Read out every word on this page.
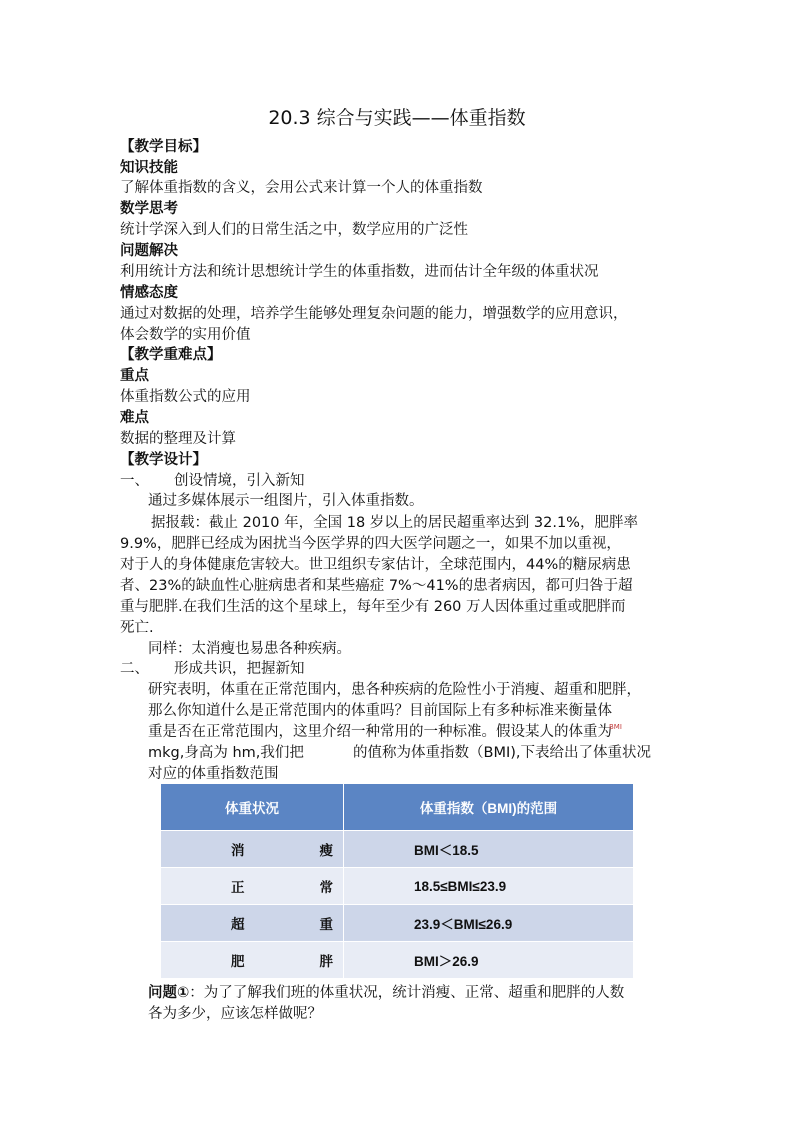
20.3 综合与实践——体重指数
【教学目标】
知识技能
了解体重指数的含义，会用公式来计算一个人的体重指数
数学思考
统计学深入到人们的日常生活之中，数学应用的广泛性
问题解决
利用统计方法和统计思想统计学生的体重指数，进而估计全年级的体重状况
情感态度
通过对数据的处理，培养学生能够处理复杂问题的能力，增强数学的应用意识，
体会数学的实用价值
【教学重难点】
重点
体重指数公式的应用
难点
数据的整理及计算
【教学设计】
一、 创设情境，引入新知
通过多媒体展示一组图片，引入体重指数。
据报载：截止 2010 年，全国 18 岁以上的居民超重率达到 32.1%，肥胖率
9.9%，肥胖已经成为困扰当今医学界的四大医学问题之一，如果不加以重视，
对于人的身体健康危害较大。世卫组织专家估计，全球范围内，44%的糖尿病患
者、23%的缺血性心脏病患者和某些癌症 7%～41%的患者病因，都可归咎于超
重与肥胖.在我们生活的这个星球上，每年至少有 260 万人因体重过重或肥胖而
死亡.
同样：太消瘦也易患各种疾病。
二、 形成共识，把握新知
研究表明，体重在正常范围内，患各种疾病的危险性小于消瘦、超重和肥胖，
那么你知道什么是正常范围内的体重吗？目前国际上有多种标准来衡量体
重是否在正常范围内，这里介绍一种常用的一种标准。假设某人的体重为
BMI
mkg,身高为 hm,我们把	的值称为体重指数（BMI),下表给出了体重状况
对应的体重指数范围
体重状况	体重指数（BMI)的范围

消 瘦	BMI＜18.5

正 常	18.5≤BMI≤23.9

超 重	23.9＜BMI≤26.9

肥 胖	BMI＞26.9
问题①：为了了解我们班的体重状况，统计消瘦、正常、超重和肥胖的人数
各为多少，应该怎样做呢？
